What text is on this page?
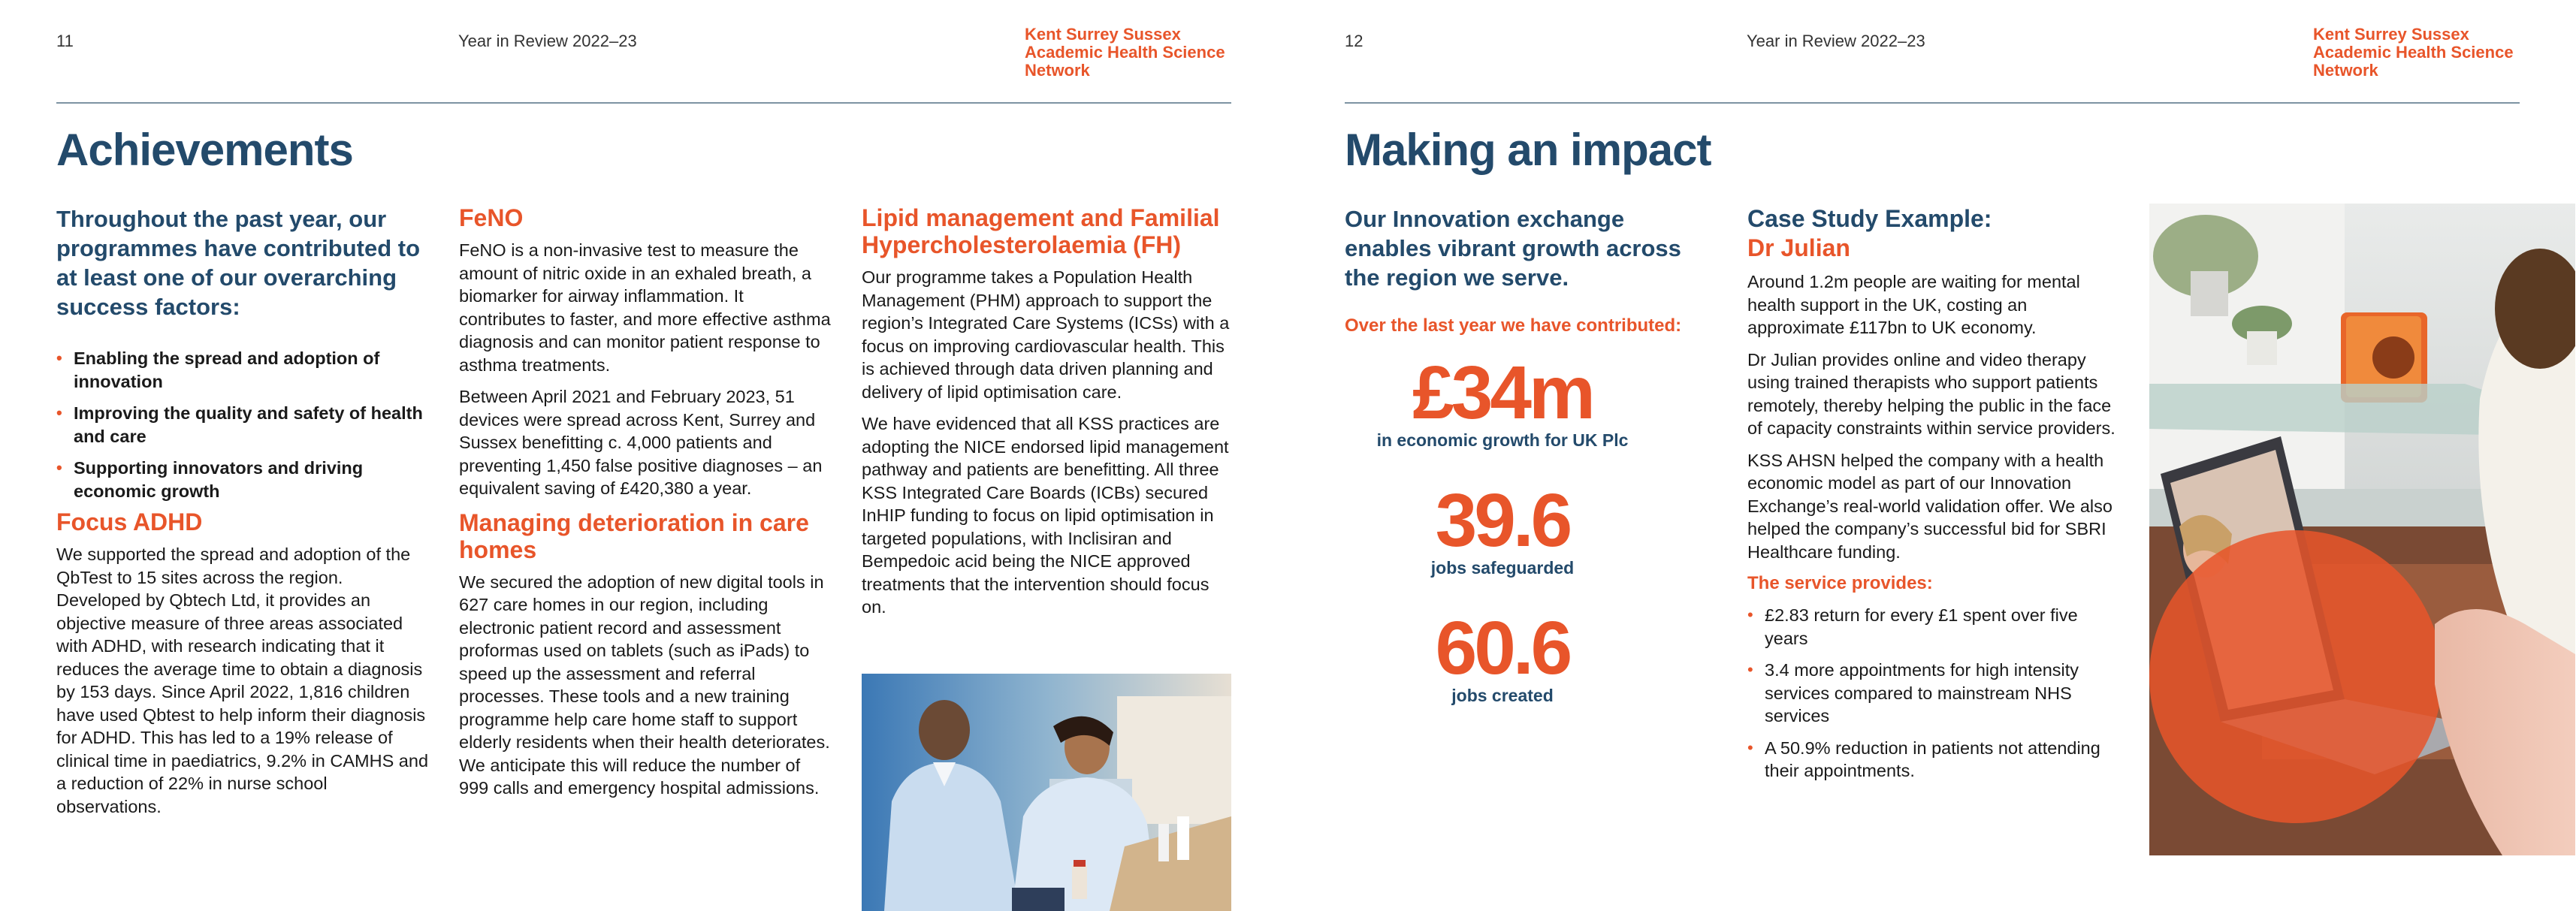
11	Year in Review 2022–23	Kent Surrey Sussex
Academic Health Science
Network
Achievements

Throughout the past year, our programmes have contributed to at least one of our overarching success factors:

• Enabling the spread and adoption of innovation
• Improving the quality and safety of health and care
• Supporting innovators and driving economic growth
Focus ADHD

We supported the spread and adoption of the QbTest to 15 sites across the region. Developed by Qbtech Ltd, it provides an objective measure of three areas associated with ADHD, with research indicating that it reduces the average time to obtain a diagnosis by 153 days. Since April 2022, 1,816 children have used Qbtest to help inform their diagnosis for ADHD. This has led to a 19% release of clinical time in paediatrics, 9.2% in CAMHS and a reduction of 22% in nurse school observations.

FeNO

FeNO is a non-invasive test to measure the amount of nitric oxide in an exhaled breath, a biomarker for airway inflammation. It contributes to faster, and more effective asthma diagnosis and can monitor patient response to asthma treatments.

Between April 2021 and February 2023, 51 devices were spread across Kent, Surrey and Sussex benefitting c. 4,000 patients and preventing 1,450 false positive diagnoses – an equivalent saving of £420,380 a year.

Managing deterioration in care homes

We secured the adoption of new digital tools in 627 care homes in our region, including electronic patient record and assessment proformas used on tablets (such as iPads) to speed up the assessment and referral processes. These tools and a new training programme help care home staff to support elderly residents when their health deteriorates. We anticipate this will reduce the number of 999 calls and emergency hospital admissions.

Lipid management and Familial Hypercholesterolaemia (FH)

Our programme takes a Population Health Management (PHM) approach to support the region’s Integrated Care Systems (ICSs) with a focus on improving cardiovascular health. This is achieved through data driven planning and delivery of lipid optimisation care.

We have evidenced that all KSS practices are adopting the NICE endorsed lipid management pathway and patients are benefitting. All three KSS Integrated Care Boards (ICBs) secured InHIP funding to focus on lipid optimisation in targeted populations, with Inclisiran and Bempedoic acid being the NICE approved treatments that the intervention should focus on.

12	Year in Review 2022–23	Kent Surrey Sussex
Academic Health Science
Network
Making an impact

Our Innovation exchange enables vibrant growth across the region we serve.

Over the last year we have contributed:
£34m
in economic growth for UK Plc
39.6
jobs safeguarded
60.6
jobs created
Case Study Example:
Dr Julian

Around 1.2m people are waiting for mental health support in the UK, costing an approximate £117bn to UK economy.

Dr Julian provides online and video therapy using trained therapists who support patients remotely, thereby helping the public in the face of capacity constraints within service providers.

KSS AHSN helped the company with a health economic model as part of our Innovation Exchange’s real-world validation offer. We also helped the company’s successful bid for SBRI Healthcare funding.

The service provides:
• £2.83 return for every £1 spent over five years
• 3.4 more appointments for high intensity services compared to mainstream NHS services
• A 50.9% reduction in patients not attending their appointments.
